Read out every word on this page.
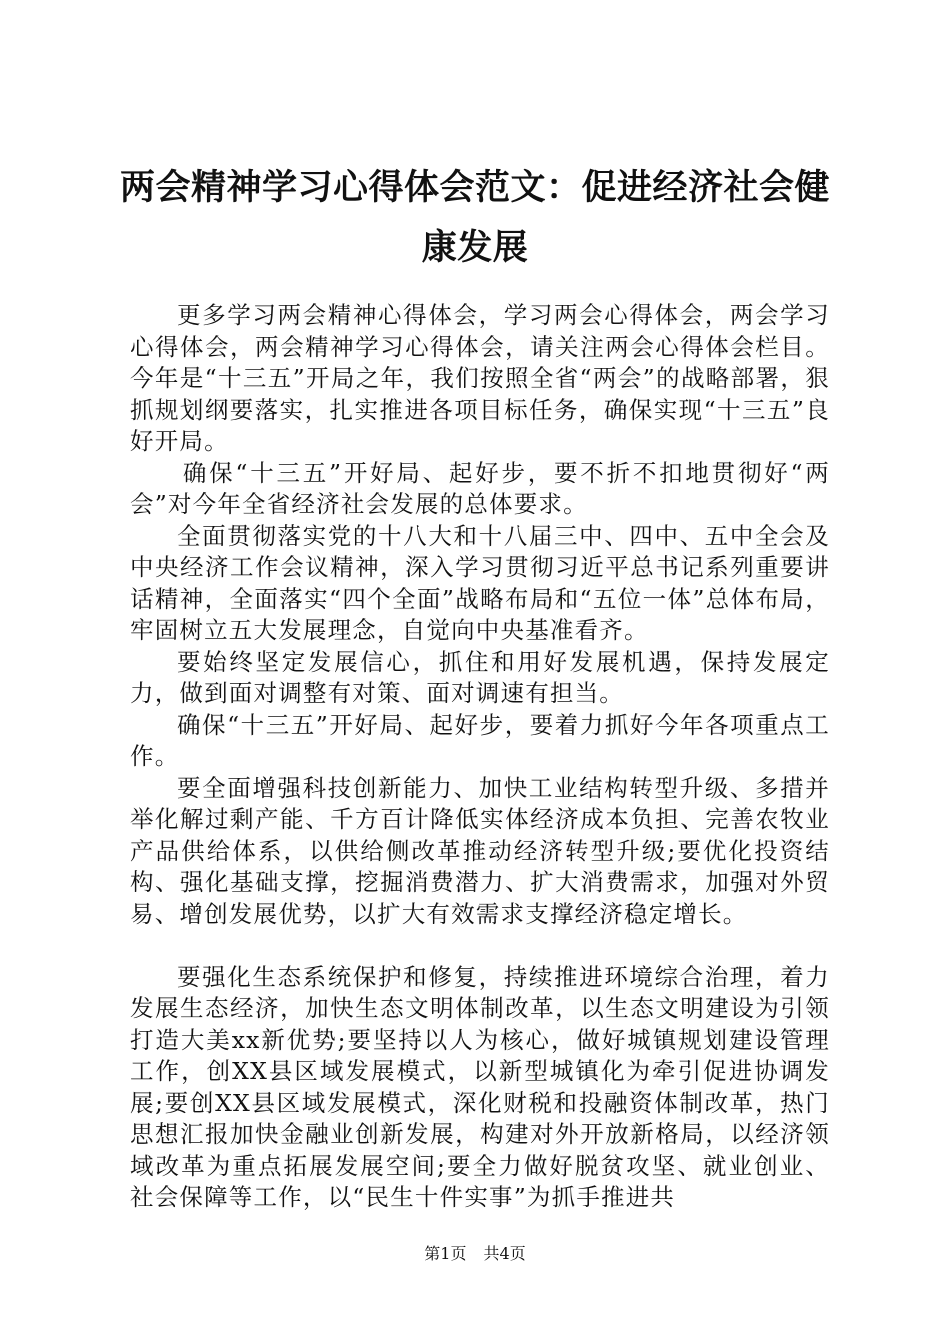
两会精神学习心得体会范文：促进经济社会健
康发展

更多学习两会精神心得体会，学习两会心得体会，两会学习心得体会，两会精神学习心得体会，请关注两会心得体会栏目。今年是“十三五”开局之年，我们按照全省“两会”的战略部署，狠抓规划纲要落实，扎实推进各项目标任务，确保实现“十三五”良好开局。

确保“十三五”开好局、起好步，要不折不扣地贯彻好“两会”对今年全省经济社会发展的总体要求。

全面贯彻落实党的十八大和十八届三中、四中、五中全会及中央经济工作会议精神，深入学习贯彻习近平总书记系列重要讲话精神，全面落实“四个全面”战略布局和“五位一体”总体布局，牢固树立五大发展理念，自觉向中央基准看齐。

要始终坚定发展信心，抓住和用好发展机遇，保持发展定力，做到面对调整有对策、面对调速有担当。

确保“十三五”开好局、起好步，要着力抓好今年各项重点工作。

要全面增强科技创新能力、加快工业结构转型升级、多措并举化解过剩产能、千方百计降低实体经济成本负担、完善农牧业产品供给体系，以供给侧改革推动经济转型升级;要优化投资结构、强化基础支撑，挖掘消费潜力、扩大消费需求，加强对外贸易、增创发展优势，以扩大有效需求支撑经济稳定增长。

要强化生态系统保护和修复，持续推进环境综合治理，着力发展生态经济，加快生态文明体制改革，以生态文明建设为引领打造大美xx新优势;要坚持以人为核心，做好城镇规划建设管理工作，创XX县区域发展模式，以新型城镇化为牵引促进协调发展;要创XX县区域发展模式，深化财税和投融资体制改革，热门思想汇报加快金融业创新发展，构建对外开放新格局，以经济领域改革为重点拓展发展空间;要全力做好脱贫攻坚、就业创业、社会保障等工作，以“民生十件实事”为抓手推进共

第1页 共4页
